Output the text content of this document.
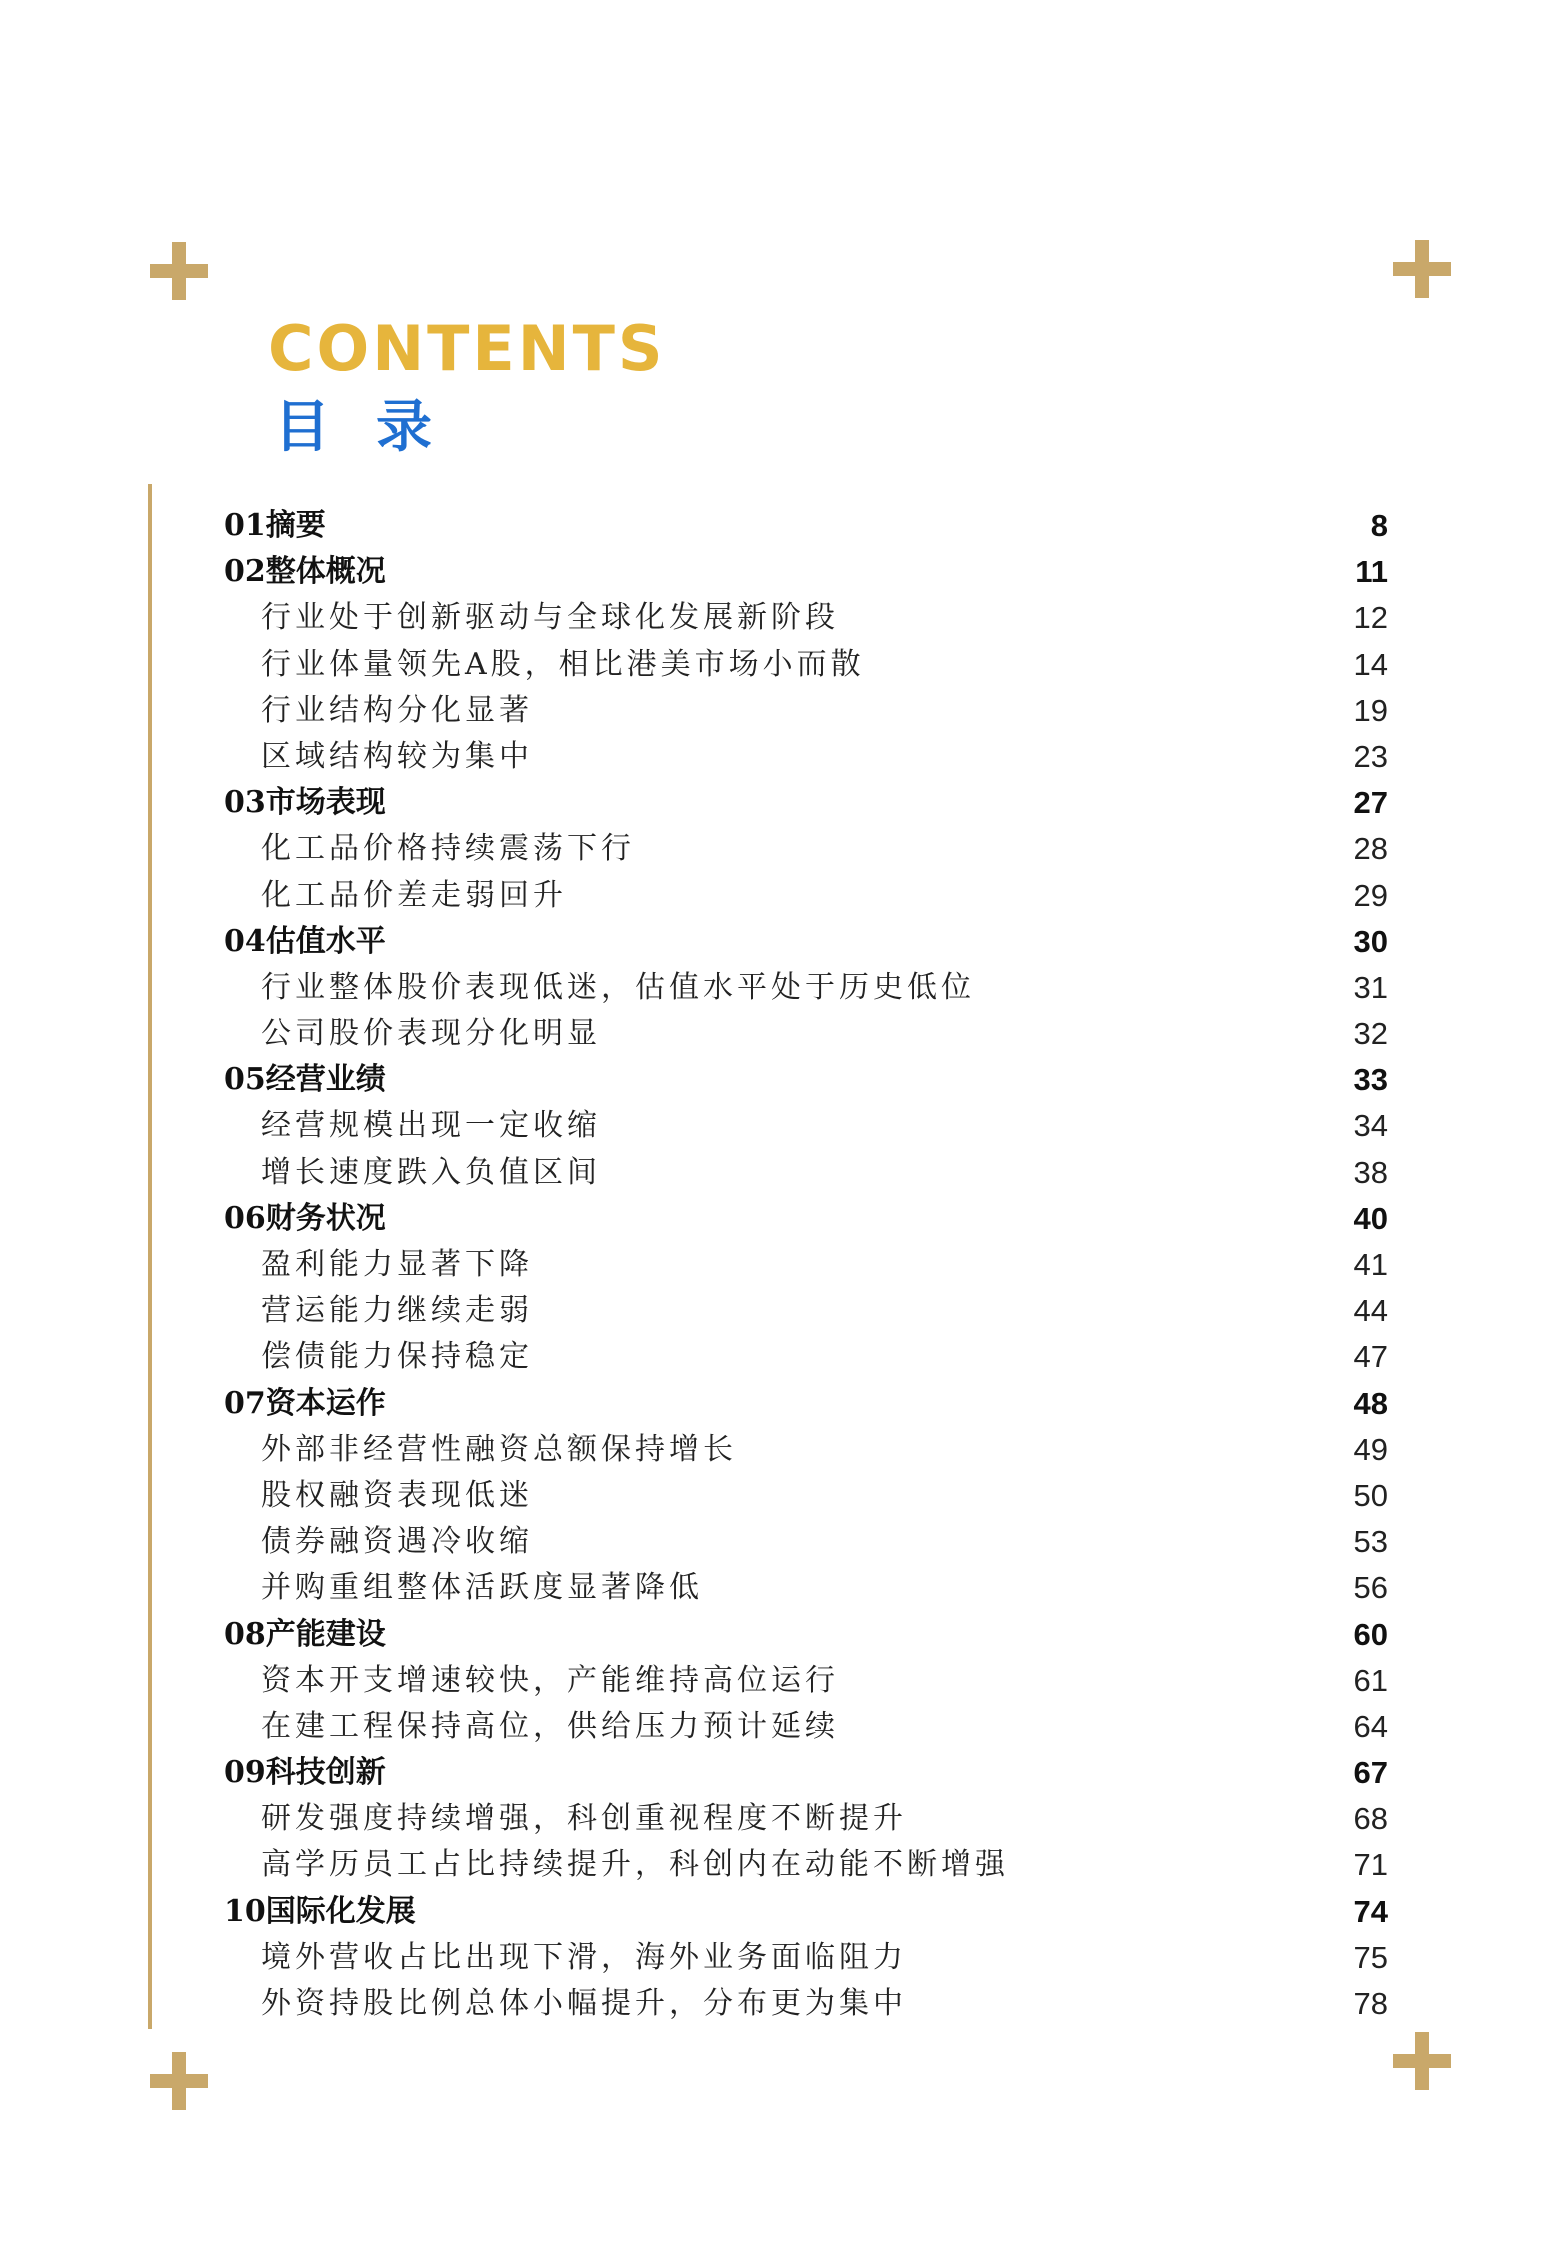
CONTENTS
目录
01摘要	8
02整体概况	11
行业处于创新驱动与全球化发展新阶段	12
行业体量领先A股，相比港美市场小而散	14
行业结构分化显著	19
区域结构较为集中	23
03市场表现	27
化工品价格持续震荡下行	28
化工品价差走弱回升	29
04估值水平	30
行业整体股价表现低迷，估值水平处于历史低位	31
公司股价表现分化明显	32
05经营业绩	33
经营规模出现一定收缩	34
增长速度跌入负值区间	38
06财务状况	40
盈利能力显著下降	41
营运能力继续走弱	44
偿债能力保持稳定	47
07资本运作	48
外部非经营性融资总额保持增长	49
股权融资表现低迷	50
债券融资遇冷收缩	53
并购重组整体活跃度显著降低	56
08产能建设	60
资本开支增速较快，产能维持高位运行	61
在建工程保持高位，供给压力预计延续	64
09科技创新	67
研发强度持续增强，科创重视程度不断提升	68
高学历员工占比持续提升，科创内在动能不断增强	71
10国际化发展	74
境外营收占比出现下滑，海外业务面临阻力	75
外资持股比例总体小幅提升，分布更为集中	78
